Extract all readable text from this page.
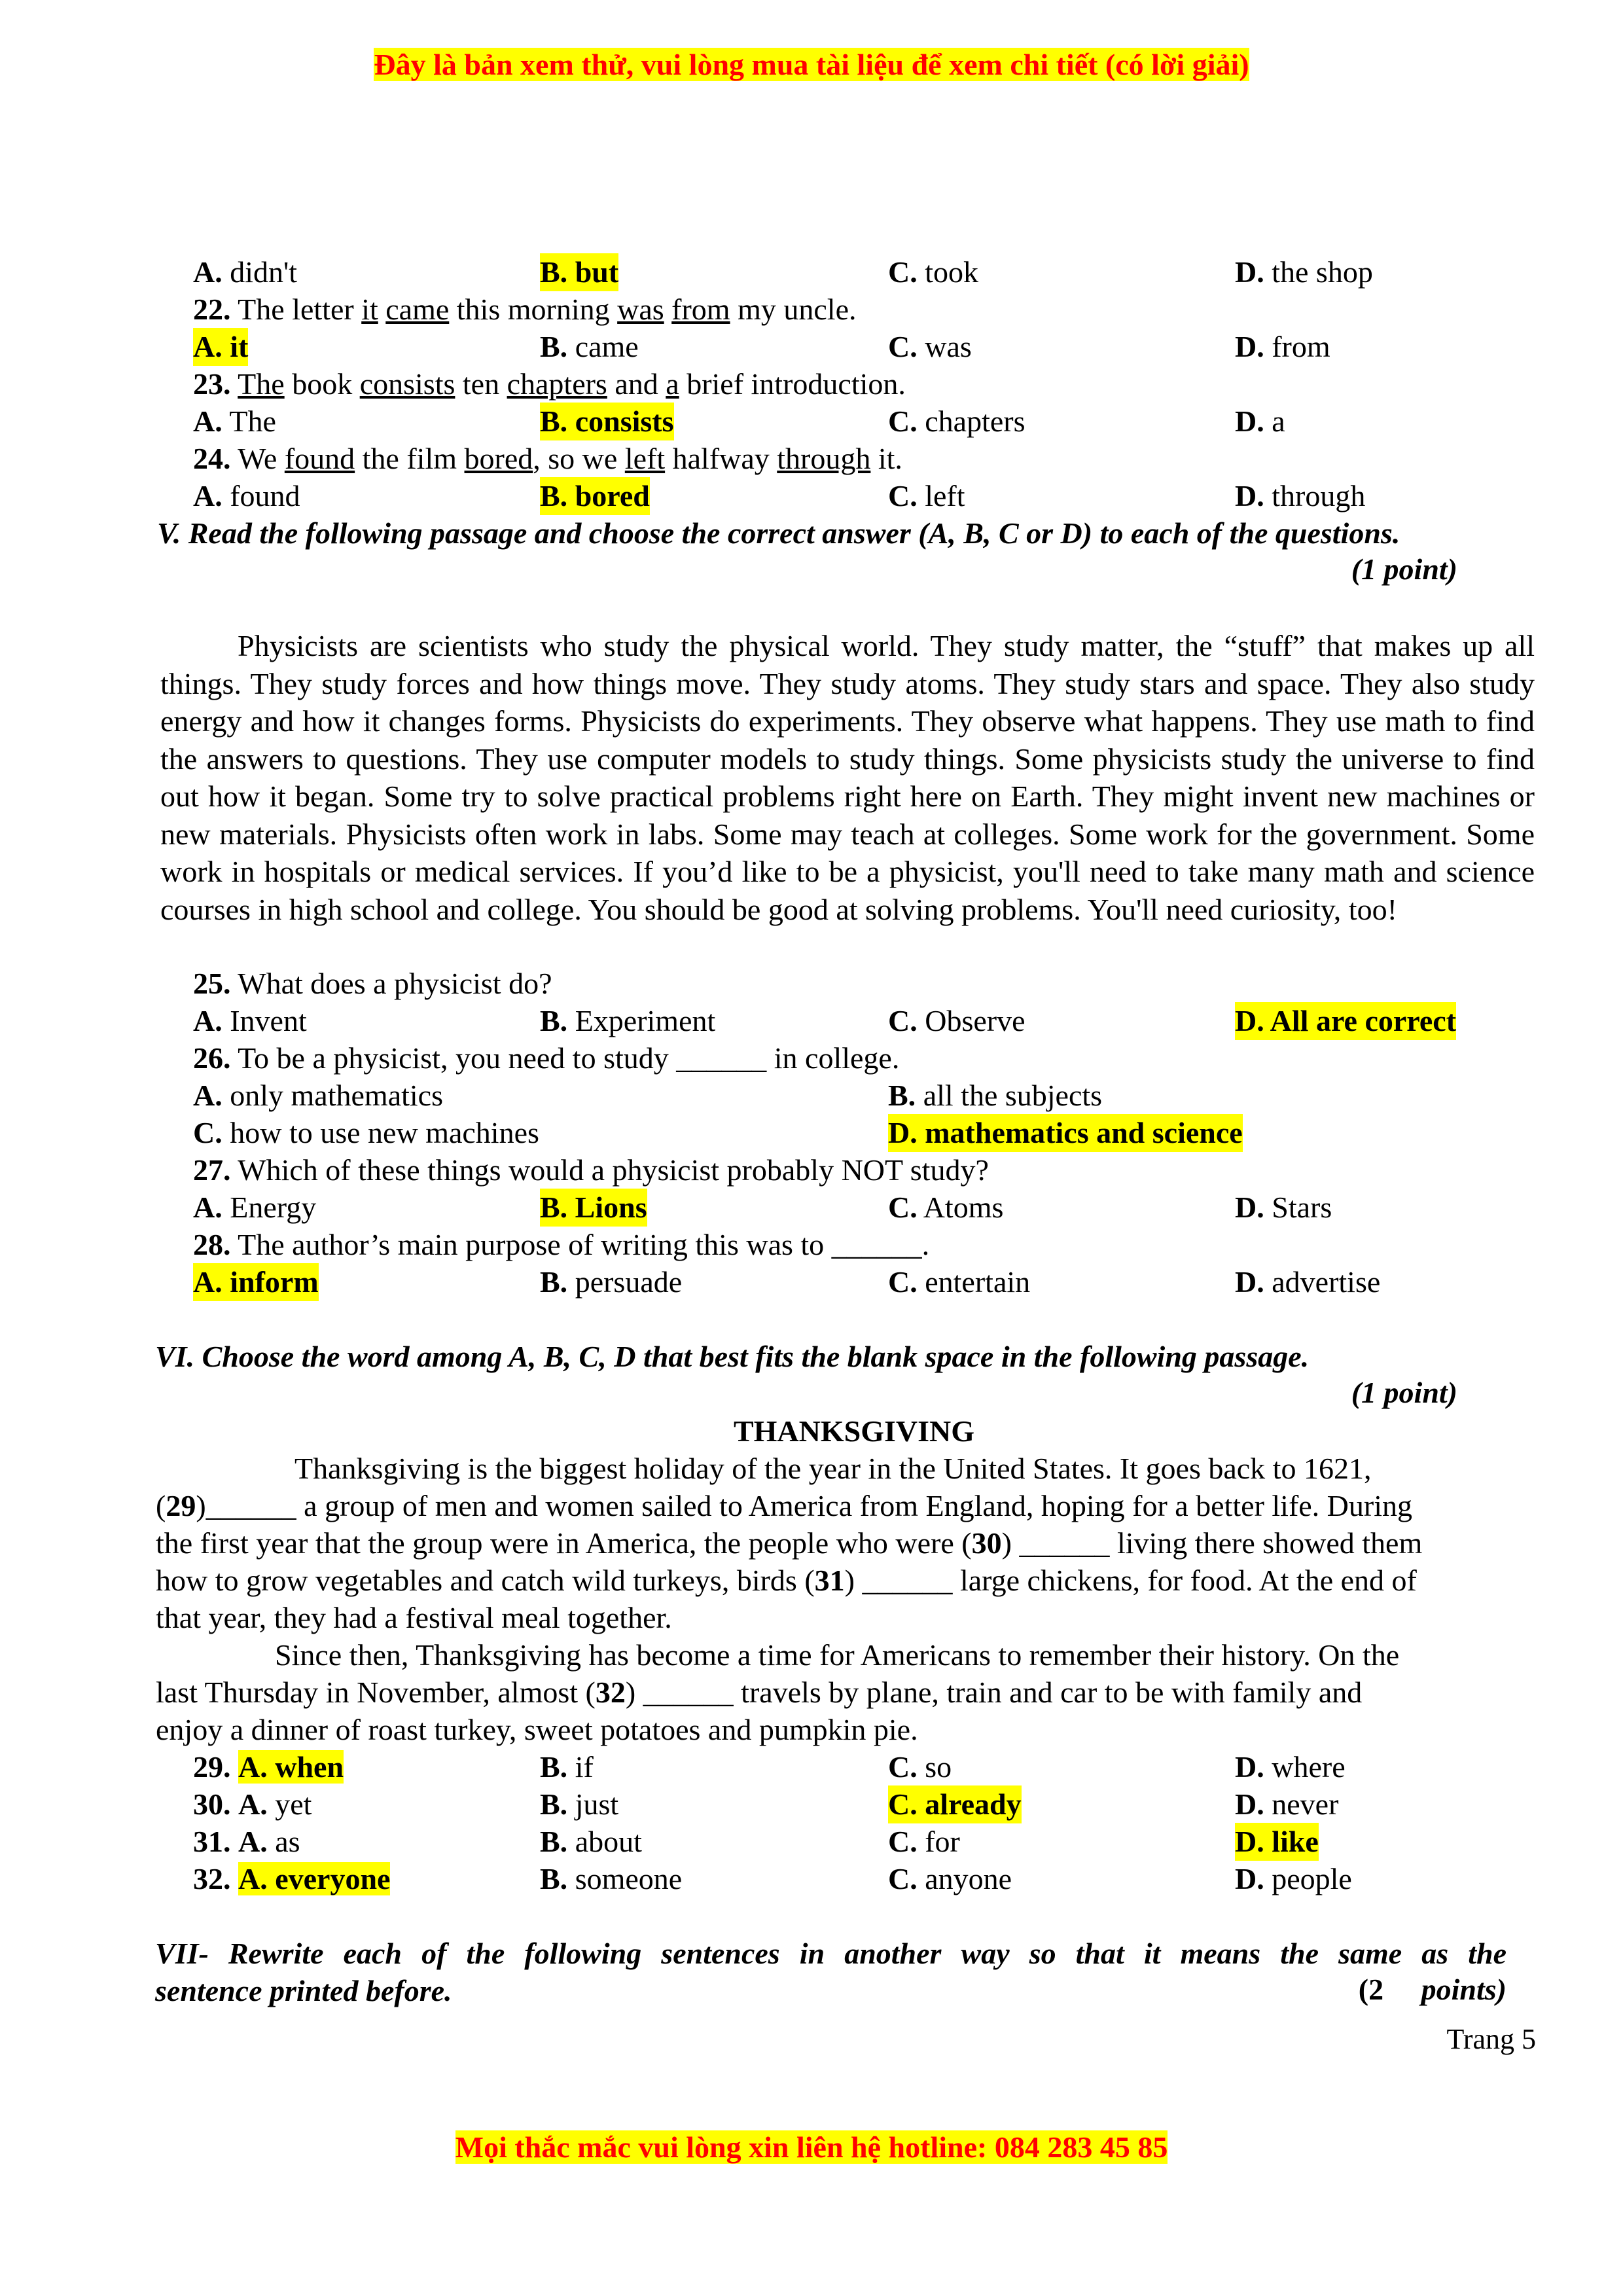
Đây là bản xem thử, vui lòng mua tài liệu để xem chi tiết (có lời giải)
A. didn't	B. but	C. took	D. the shop
22. The letter it came this morning was from my uncle.
A. it	B. came	C. was	D. from
23. The book consists ten chapters and a brief introduction.
A. The	B. consists	C. chapters	D. a
24. We found the film bored, so we left halfway through it.
A. found	B. bored	C. left	D. through
V. Read the following passage and choose the correct answer (A, B, C or D) to each of the questions.
(1 point)

Physicists are scientists who study the physical world. They study matter, the “stuff” that makes up all things. They study forces and how things move. They study atoms. They study stars and space. They also study energy and how it changes forms. Physicists do experiments. They observe what happens. They use math to find the answers to questions. They use computer models to study things. Some physicists study the universe to find out how it began. Some try to solve practical problems right here on Earth. They might invent new machines or new materials. Physicists often work in labs. Some may teach at colleges. Some work for the government. Some work in hospitals or medical services. If you’d like to be a physicist, you'll need to take many math and science courses in high school and college. You should be good at solving problems. You'll need curiosity, too!

25. What does a physicist do?
A. Invent	B. Experiment	C. Observe	D. All are correct
26. To be a physicist, you need to study ______ in college.
A. only mathematics	B. all the subjects
C. how to use new machines	D. mathematics and science
27. Which of these things would a physicist probably NOT study?
A. Energy	B. Lions	C. Atoms	D. Stars
28. The author’s main purpose of writing this was to ______.
A. inform	B. persuade	C. entertain	D. advertise
VI. Choose the word among A, B, C, D that best fits the blank space in the following passage.
(1 point)
THANKSGIVING
Thanksgiving is the biggest holiday of the year in the United States. It goes back to 1621,
(29)______ a group of men and women sailed to America from England, hoping for a better life. During
the first year that the group were in America, the people who were (30) ______ living there showed them
how to grow vegetables and catch wild turkeys, birds (31) ______ large chickens, for food. At the end of
that year, they had a festival meal together.
Since then, Thanksgiving has become a time for Americans to remember their history. On the
last Thursday in November, almost (32) ______ travels by plane, train and car to be with family and
enjoy a dinner of roast turkey, sweet potatoes and pumpkin pie.
29. A. when	B. if	C. so	D. where
30. A. yet	B. just	C. already	D. never
31. A. as	B. about	C. for	D. like
32. A. everyone	B. someone	C. anyone	D. people
VII- Rewrite each of the following sentences in another way so that it means the same as the
sentence printed before.	(2 points)
Trang 5
Mọi thắc mắc vui lòng xin liên hệ hotline: 084 283 45 85
